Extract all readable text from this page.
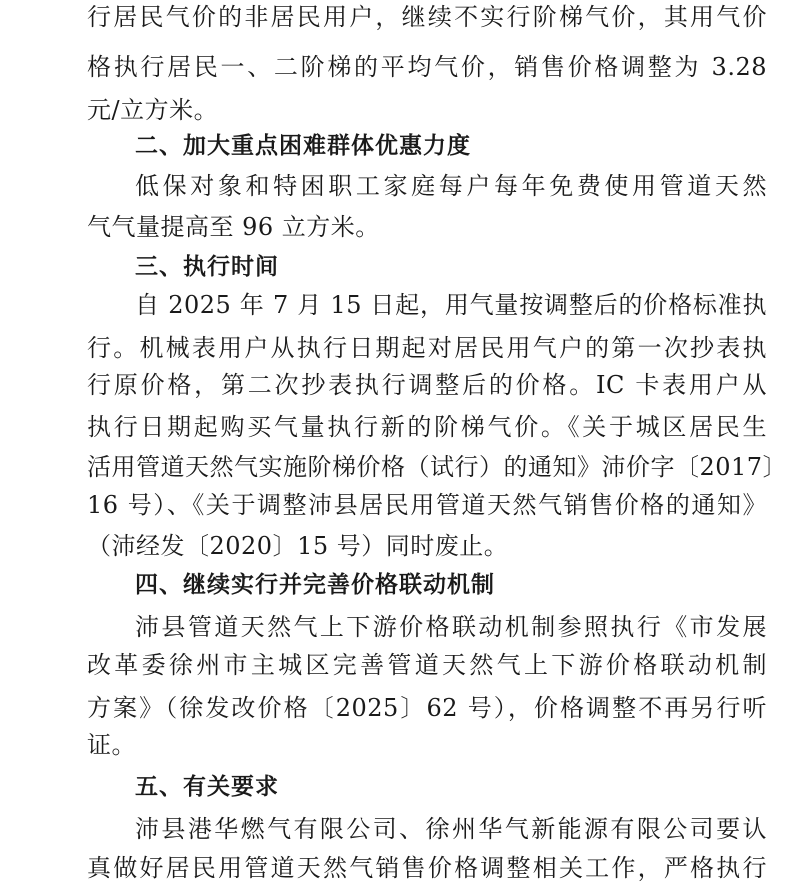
行居民气价的非居民用户，继续不实行阶梯气价，其用气价
格执行居民一、二阶梯的平均气价，销售价格调整为 3.28
元/立方米。
二、加大重点困难群体优惠力度
低保对象和特困职工家庭每户每年免费使用管道天然
气气量提高至 96 立方米。
三、执行时间
自 2025 年 7 月 15 日起，用气量按调整后的价格标准执
行。机械表用户从执行日期起对居民用气户的第一次抄表执
行原价格，第二次抄表执行调整后的价格。IC 卡表用户从
执行日期起购买气量执行新的阶梯气价。《关于城区居民生
活用管道天然气实施阶梯价格（试行）的通知》沛价字〔2017〕
16 号）、《关于调整沛县居民用管道天然气销售价格的通知》
（沛经发〔2020〕15 号）同时废止。
四、继续实行并完善价格联动机制
沛县管道天然气上下游价格联动机制参照执行《市发展
改革委徐州市主城区完善管道天然气上下游价格联动机制
方案》（徐发改价格〔2025〕62 号），价格调整不再另行听
证。
五、有关要求
沛县港华燃气有限公司、徐州华气新能源有限公司要认
真做好居民用管道天然气销售价格调整相关工作，严格执行
